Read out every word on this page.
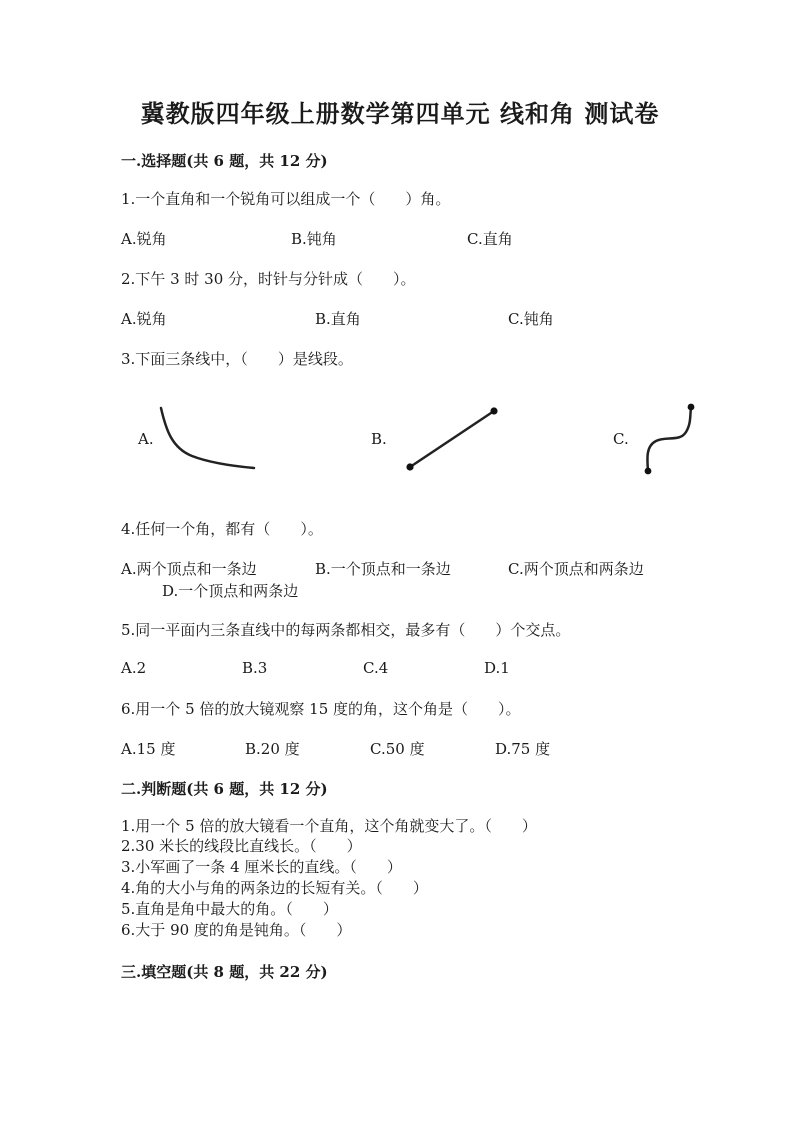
冀教版四年级上册数学第四单元 线和角 测试卷
一.选择题(共 6 题，共 12 分)
1.一个直角和一个锐角可以组成一个（　　）角。
A.锐角	B.钝角	C.直角
2.下午 3 时 30 分，时针与分针成（　　）。
A.锐角	B.直角	C.钝角
3.下面三条线中，（　　）是线段。
A.	B.	C.
4.任何一个角，都有（　　）。
A.两个顶点和一条边	B.一个顶点和一条边	C.两个顶点和两条边
D.一个顶点和两条边
5.同一平面内三条直线中的每两条都相交，最多有（　　）个交点。
A.2	B.3	C.4	D.1
6.用一个 5 倍的放大镜观察 15 度的角，这个角是（　　）。
A.15 度	B.20 度	C.50 度	D.75 度
二.判断题(共 6 题，共 12 分)
1.用一个 5 倍的放大镜看一个直角，这个角就变大了。（　　）
2.30 米长的线段比直线长。（　　）
3.小军画了一条 4 厘米长的直线。（　　）
4.角的大小与角的两条边的长短有关。（　　）
5.直角是角中最大的角。（　　）
6.大于 90 度的角是钝角。（　　）
三.填空题(共 8 题，共 22 分)
